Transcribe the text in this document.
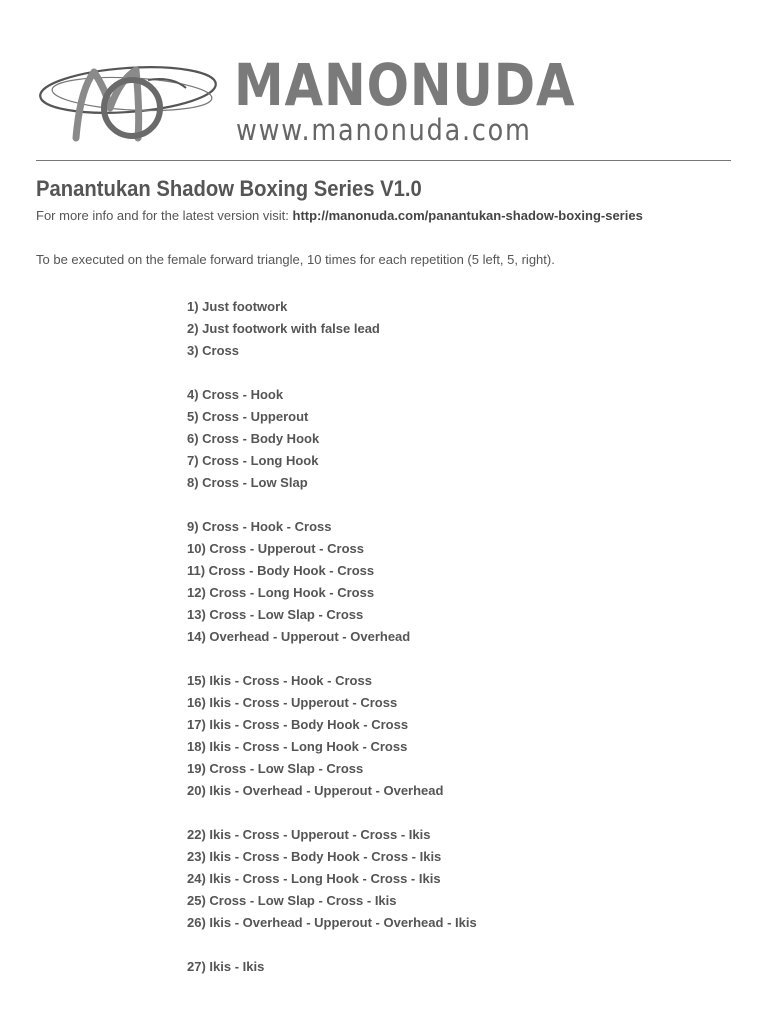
MANONUDA
www.manonuda.com
Panantukan Shadow Boxing Series V1.0
For more info and for the latest version visit: http://manonuda.com/panantukan-shadow-boxing-series
To be executed on the female forward triangle, 10 times for each repetition (5 left, 5, right).
1) Just footwork
2) Just footwork with false lead
3) Cross
4) Cross - Hook
5) Cross - Upperout
6) Cross - Body Hook
7) Cross - Long Hook
8) Cross - Low Slap
9) Cross - Hook - Cross
10) Cross - Upperout - Cross
11) Cross - Body Hook - Cross
12) Cross - Long Hook - Cross
13) Cross - Low Slap - Cross
14) Overhead - Upperout - Overhead
15) Ikis - Cross - Hook - Cross
16) Ikis - Cross - Upperout - Cross
17) Ikis - Cross - Body Hook - Cross
18) Ikis - Cross - Long Hook - Cross
19) Cross - Low Slap - Cross
20) Ikis - Overhead - Upperout - Overhead
22) Ikis - Cross - Upperout - Cross - Ikis
23) Ikis - Cross - Body Hook - Cross - Ikis
24) Ikis - Cross - Long Hook - Cross - Ikis
25) Cross - Low Slap - Cross - Ikis
26) Ikis - Overhead - Upperout - Overhead - Ikis
27) Ikis - Ikis
